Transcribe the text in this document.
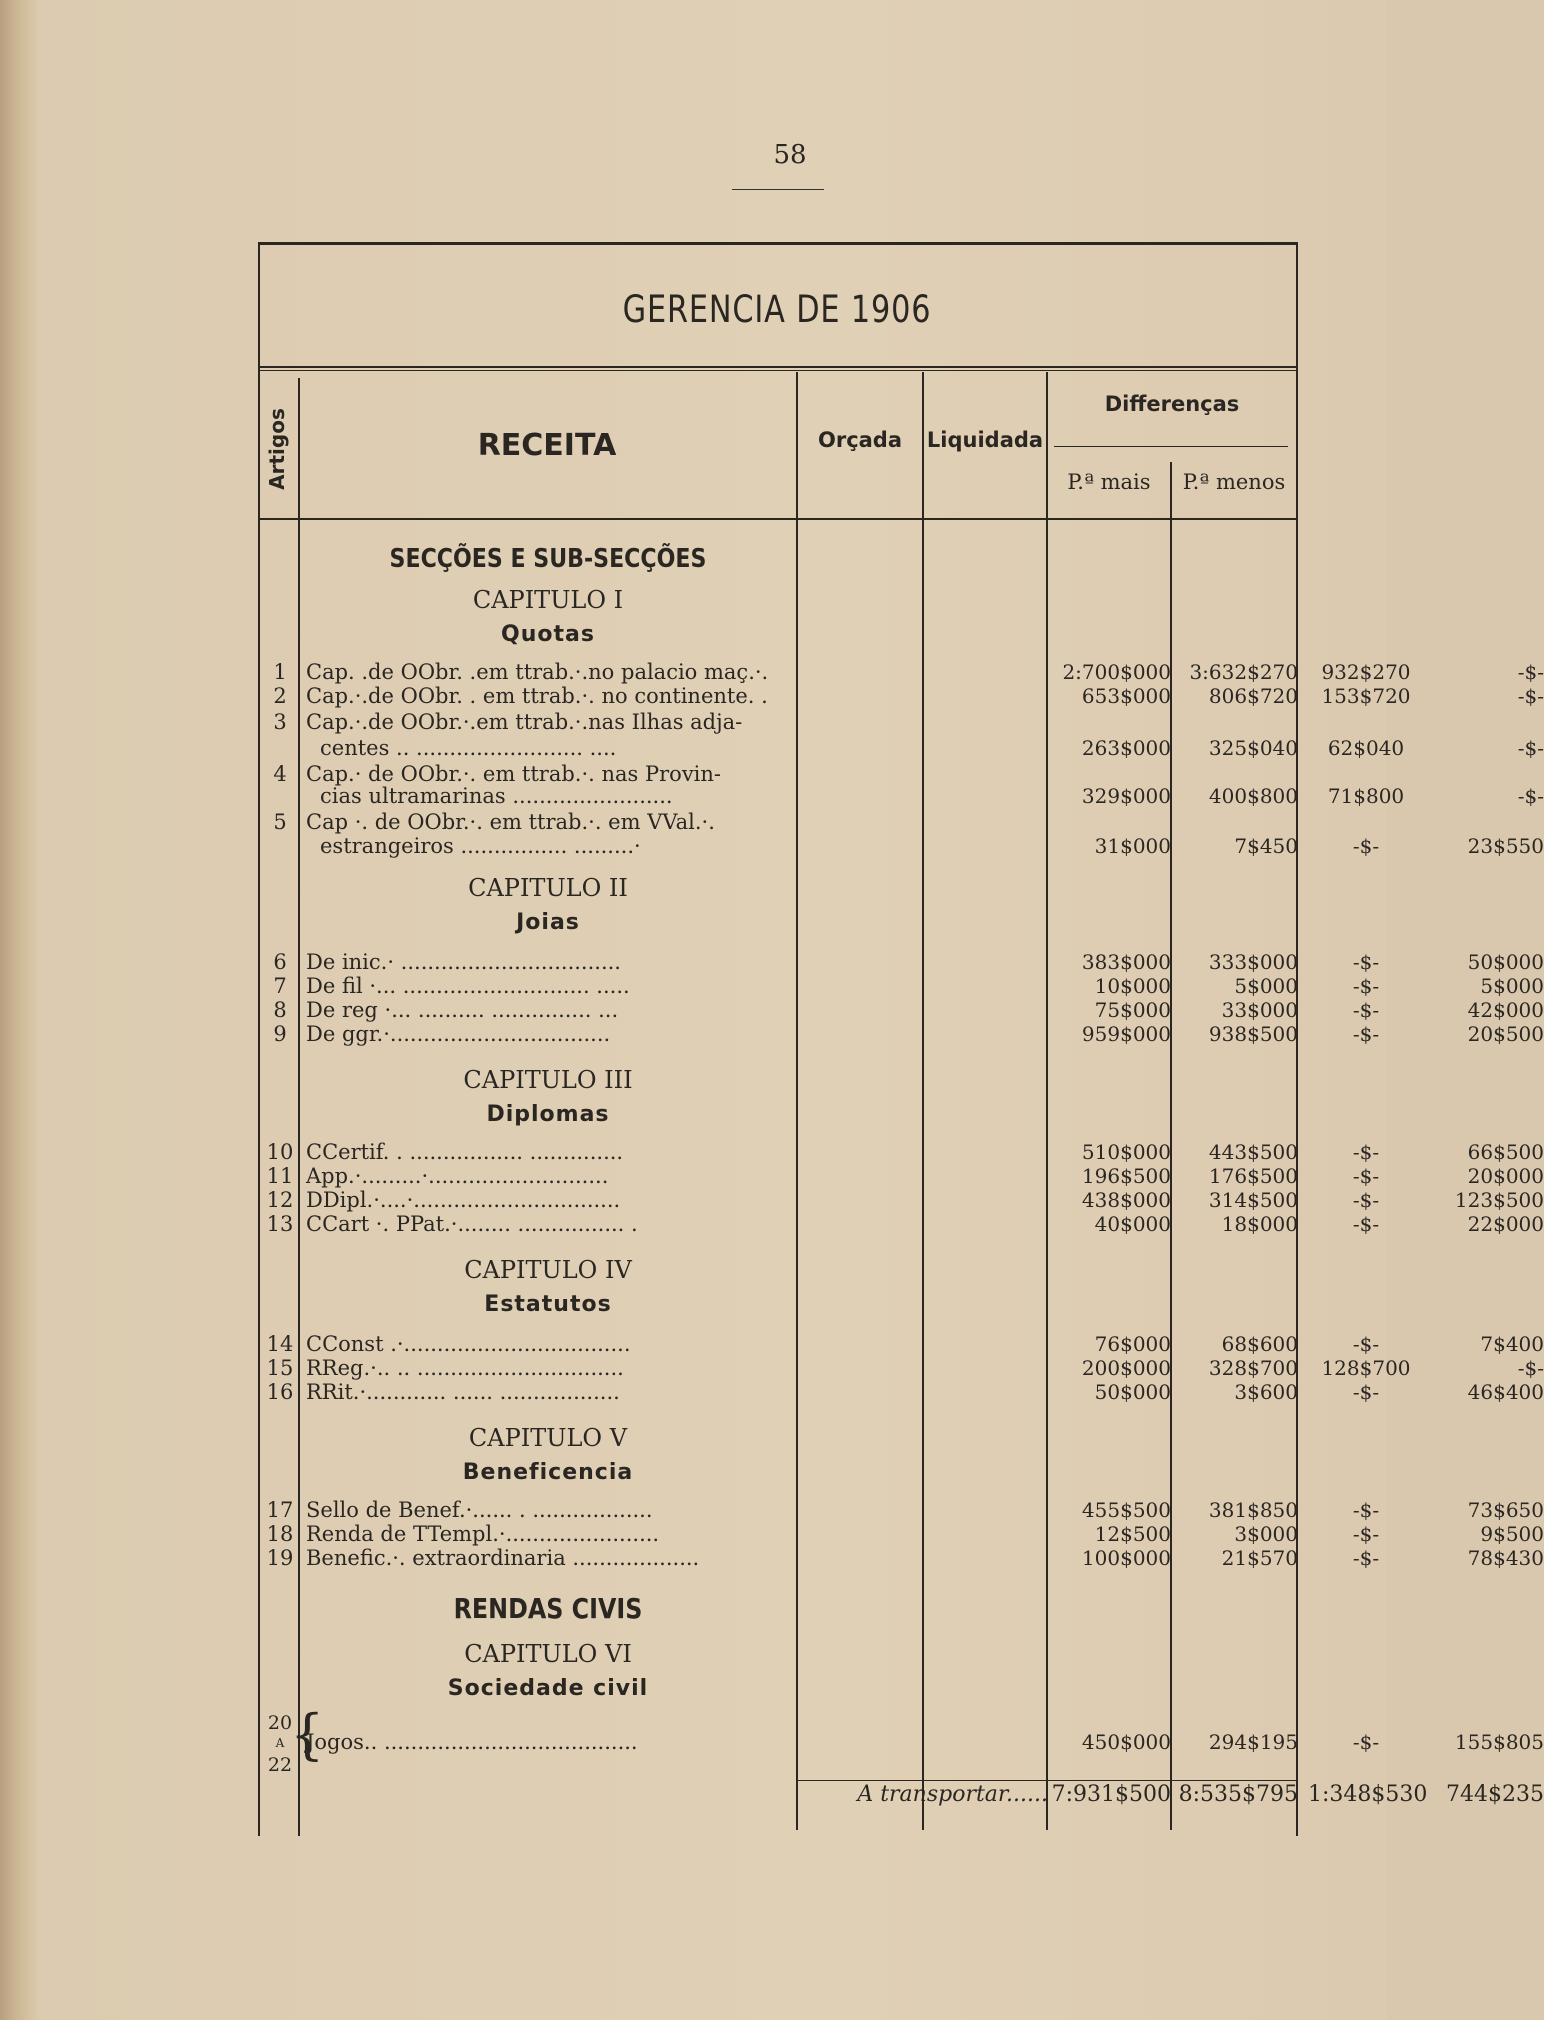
58
GERENCIA DE 1906
Artigos	RECEITA	Orçada	Liquidada
Differenças
P.ª mais	P.ª menos
SECÇÕES E SUB-SECÇÕES
CAPITULO I
Quotas
1 Cap. .de OObr. .em ttrab.·.no palacio maç.·.	2:700$000 3:632$270	932$270	-$-
2 Cap.·.de OObr. . em ttrab.·. no continente. .	653$000	806$720	153$720	-$-
3 Cap.·.de OObr.·.em ttrab.·.nas Ilhas adja-
centes .. ......................... ....	263$000	325$040	62$040	-$-
4 Cap.· de OObr.·. em ttrab.·. nas Provin-
cias ultramarinas ........................	329$000	400$800	71$800	-$-
5 Cap ·. de OObr.·. em ttrab.·. em VVal.·.
estrangeiros ................ .........·	31$000	7$450	-$-	23$550
CAPITULO II
Joias
6 De inic.· .................................	383$000	333$000	-$-	50$000
7 De fil ·... ............................ .....	10$000	5$000	-$-	5$000
8 De reg ·... .......... ............... ...	75$000	33$000	-$-	42$000
9 De ggr.·.................................	959$000	938$500	-$-	20$500
CAPITULO III
Diplomas
10 CCertif. . ................. ..............	510$000	443$500	-$-	66$500
11 App.·.........·...........................	196$500	176$500	-$-	20$000
12 DDipl.·....·...............................	438$000	314$500	-$-	123$500
13 CCart ·. PPat.·........ ................ .	40$000	18$000	-$-	22$000
CAPITULO IV
Estatutos
14 CConst .·..................................	76$000	68$600	-$-	7$400
15 RReg.·.. .. ...............................	200$000	328$700	128$700	-$-
16 RRit.·............ ...... ..................	50$000	3$600	-$-	46$400
CAPITULO V
Beneficencia
17 Sello de Benef.·...... . ..................	455$500	381$850	-$-	73$650
18 Renda de TTempl.·.......................	12$500	3$000	-$-	9$500
19 Benefic.·. extraordinaria ...................	100$000	21$570	-$-	78$430
RENDAS CIVIS
CAPITULO VI
Sociedade civil
20
A
22
{
Jogos.. ......................................	450$000	294$195	-$-	155$805
A transportar...... 7:931$500 8:535$795 1:348$530 744$235
